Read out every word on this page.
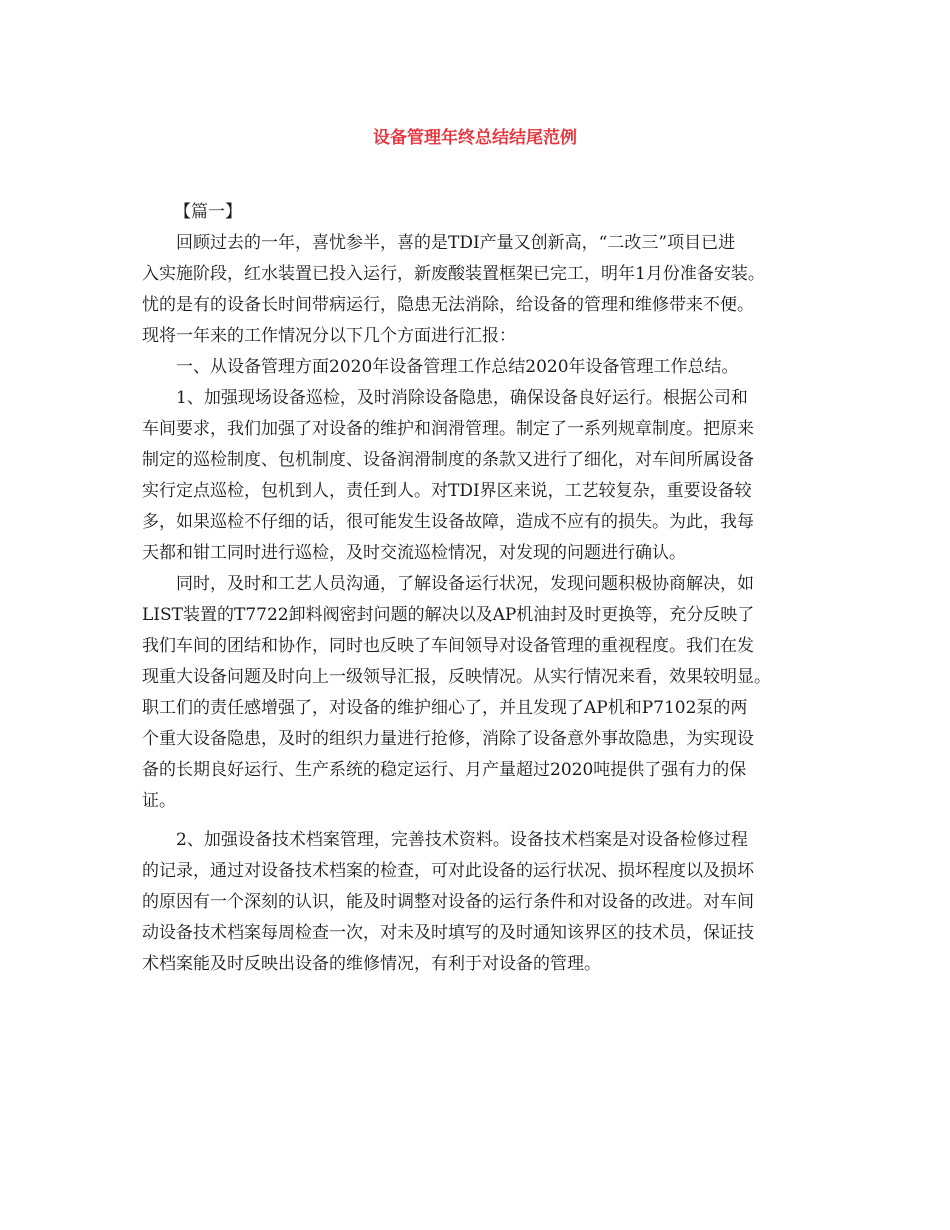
设备管理年终总结结尾范例
【篇一】

回顾过去的一年，喜忧参半，喜的是TDI产量又创新高，“二改三”项目已进
入实施阶段，红水装置已投入运行，新废酸装置框架已完工，明年1月份准备安装。
忧的是有的设备长时间带病运行，隐患无法消除，给设备的管理和维修带来不便。
现将一年来的工作情况分以下几个方面进行汇报：

一、从设备管理方面2020年设备管理工作总结2020年设备管理工作总结。

1、加强现场设备巡检，及时消除设备隐患，确保设备良好运行。根据公司和
车间要求，我们加强了对设备的维护和润滑管理。制定了一系列规章制度。把原来
制定的巡检制度、包机制度、设备润滑制度的条款又进行了细化，对车间所属设备
实行定点巡检，包机到人，责任到人。对TDI界区来说，工艺较复杂，重要设备较
多，如果巡检不仔细的话，很可能发生设备故障，造成不应有的损失。为此，我每
天都和钳工同时进行巡检，及时交流巡检情况，对发现的问题进行确认。

同时，及时和工艺人员沟通，了解设备运行状况，发现问题积极协商解决，如
LIST装置的T7722卸料阀密封问题的解决以及AP机油封及时更换等，充分反映了
我们车间的团结和协作，同时也反映了车间领导对设备管理的重视程度。我们在发
现重大设备问题及时向上一级领导汇报，反映情况。从实行情况来看，效果较明显。
职工们的责任感增强了，对设备的维护细心了，并且发现了AP机和P7102泵的两
个重大设备隐患，及时的组织力量进行抢修，消除了设备意外事故隐患，为实现设
备的长期良好运行、生产系统的稳定运行、月产量超过2020吨提供了强有力的保
证。

2、加强设备技术档案管理，完善技术资料。设备技术档案是对设备检修过程
的记录，通过对设备技术档案的检查，可对此设备的运行状况、损坏程度以及损坏
的原因有一个深刻的认识，能及时调整对设备的运行条件和对设备的改进。对车间
动设备技术档案每周检查一次，对未及时填写的及时通知该界区的技术员，保证技
术档案能及时反映出设备的维修情况，有利于对设备的管理。
